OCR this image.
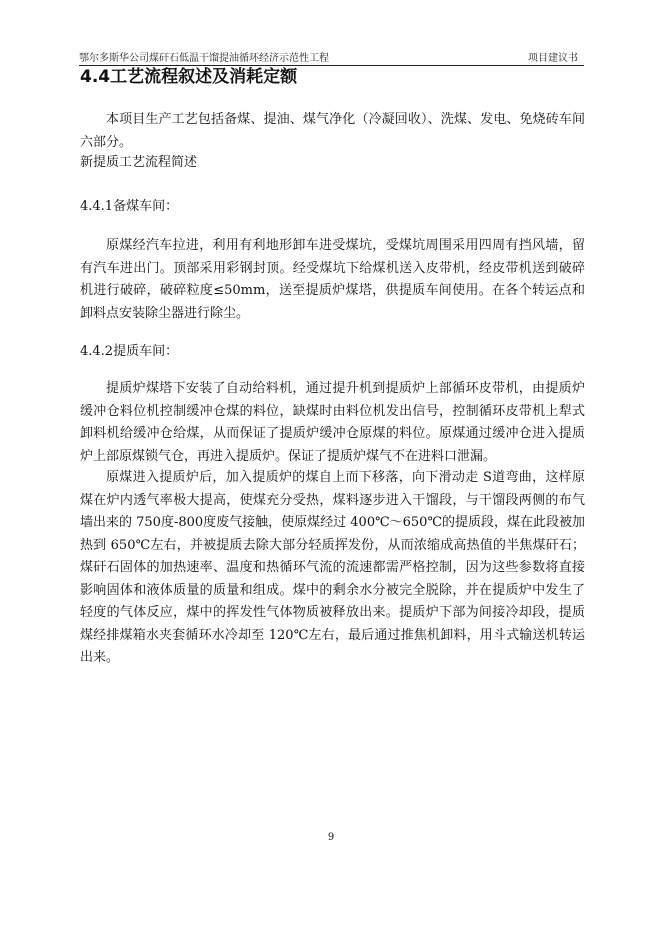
鄂尔多斯华公司煤矸石低温干馏提油循环经济示范性工程	项目建议书
4.4工艺流程叙述及消耗定额

本项目生产工艺包括备煤、提油、煤气净化（冷凝回收）、洗煤、发电、免烧砖车间六部分。

新提质工艺流程简述
4.4.1备煤车间：

原煤经汽车拉进，利用有利地形卸车进受煤坑，受煤坑周围采用四周有挡风墙，留有汽车进出门。顶部采用彩钢封顶。经受煤坑下给煤机送入皮带机，经皮带机送到破碎机进行破碎，破碎粒度≤50mm，送至提质炉煤塔，供提质车间使用。在各个转运点和卸料点安装除尘器进行除尘。

4.4.2提质车间：

提质炉煤塔下安装了自动给料机，通过提升机到提质炉上部循环皮带机，由提质炉缓冲仓料位机控制缓冲仓煤的料位，缺煤时由料位机发出信号，控制循环皮带机上犁式卸料机给缓冲仓给煤，从而保证了提质炉缓冲仓原煤的料位。原煤通过缓冲仓进入提质炉上部原煤锁气仓，再进入提质炉。保证了提质炉煤气不在进料口泄漏。

原煤进入提质炉后，加入提质炉的煤自上而下移落，向下滑动走 S道弯曲，这样原煤在炉内透气率极大提高，使煤充分受热，煤料逐步进入干馏段，与干馏段两侧的布气墙出来的 750度-800度废气接触，使原煤经过 400℃～650℃的提质段，煤在此段被加热到 650℃左右，并被提质去除大部分轻质挥发份，从而浓缩成高热值的半焦煤矸石；煤矸石固体的加热速率、温度和热循环气流的流速都需严格控制，因为这些参数将直接影响固体和液体质量的质量和组成。煤中的剩余水分被完全脱除，并在提质炉中发生了轻度的气体反应，煤中的挥发性气体物质被释放出来。提质炉下部为间接冷却段，提质煤经排煤箱水夹套循环水冷却至 120℃左右，最后通过推焦机卸料，用斗式输送机转运出来。

9
